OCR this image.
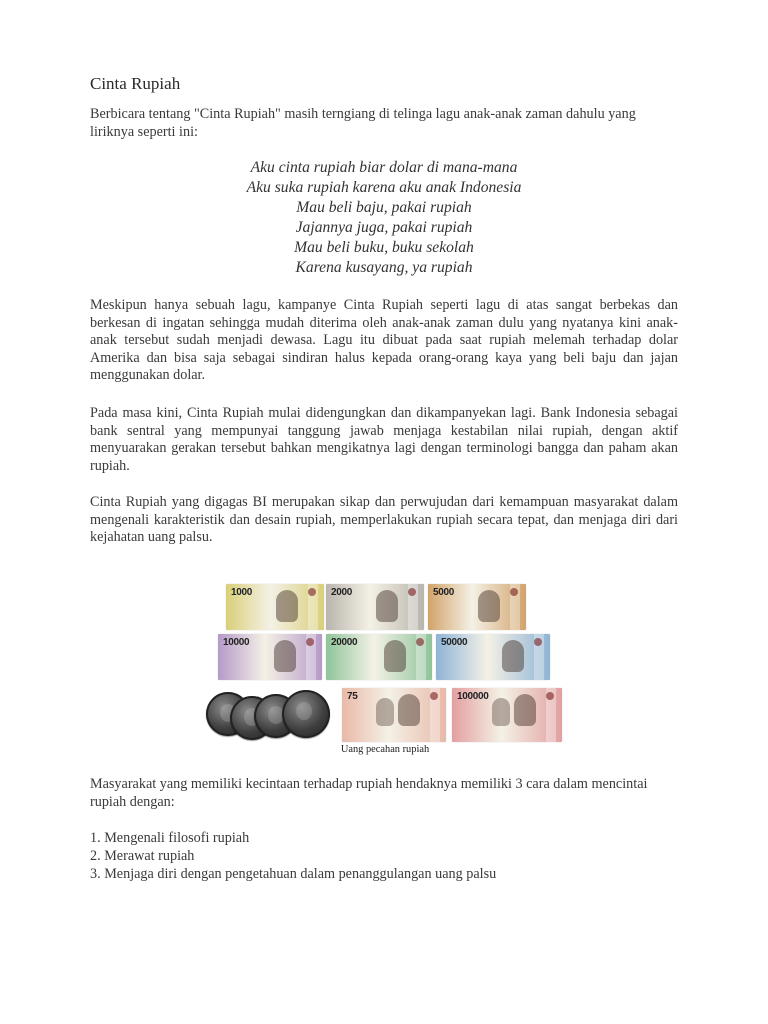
Cinta Rupiah

Berbicara tentang "Cinta Rupiah" masih terngiang di telinga lagu anak-anak zaman dahulu yang liriknya seperti ini:

Aku cinta rupiah biar dolar di mana-mana
Aku suka rupiah karena aku anak Indonesia
Mau beli baju, pakai rupiah
Jajannya juga, pakai rupiah
Mau beli buku, buku sekolah
Karena kusayang, ya rupiah

Meskipun hanya sebuah lagu, kampanye Cinta Rupiah seperti lagu di atas sangat berbekas dan berkesan di ingatan sehingga mudah diterima oleh anak-anak zaman dulu yang nyatanya kini anak-anak tersebut sudah menjadi dewasa. Lagu itu dibuat pada saat rupiah melemah terhadap dolar Amerika dan bisa saja sebagai sindiran halus kepada orang-orang kaya yang beli baju dan jajan menggunakan dolar.

Pada masa kini, Cinta Rupiah mulai didengungkan dan dikampanyekan lagi. Bank Indonesia sebagai bank sentral yang mempunyai tanggung jawab menjaga kestabilan nilai rupiah, dengan aktif menyuarakan gerakan tersebut bahkan mengikatnya lagi dengan terminologi bangga dan paham akan rupiah.

Cinta Rupiah yang digagas BI merupakan sikap dan perwujudan dari kemampuan masyarakat dalam mengenali karakteristik dan desain rupiah, memperlakukan rupiah secara tepat, dan menjaga diri dari kejahatan uang palsu.

1000	2000	5000
10000	20000	50000
75	100000
Uang pecahan rupiah

Masyarakat yang memiliki kecintaan terhadap rupiah hendaknya memiliki 3 cara dalam mencintai rupiah dengan:

1. Mengenali filosofi rupiah
2. Merawat rupiah
3. Menjaga diri dengan pengetahuan dalam penanggulangan uang palsu
